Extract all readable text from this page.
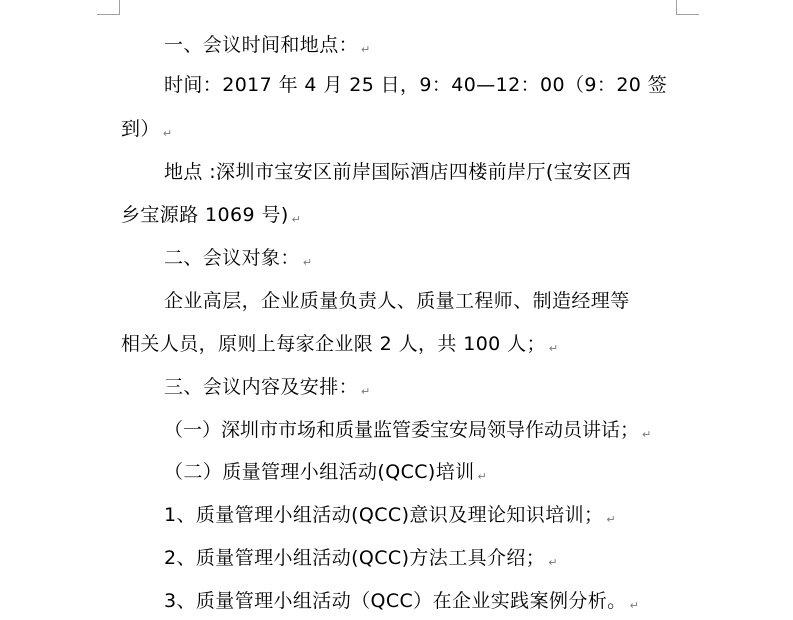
一、会议时间和地点： ↵
时间：2017 年 4 月 25 日，9：40—12：00（9：20 签
到） ↵
地点 :深圳市宝安区前岸国际酒店四楼前岸厅(宝安区西
乡宝源路 1069 号) ↵
二、会议对象： ↵
企业高层，企业质量负责人、质量工程师、制造经理等
相关人员，原则上每家企业限 2 人，共 100 人； ↵
三、会议内容及安排： ↵
（一）深圳市市场和质量监管委宝安局领导作动员讲话； ↵
（二）质量管理小组活动(QCC)培训 ↵
1、质量管理小组活动(QCC)意识及理论知识培训； ↵
2、质量管理小组活动(QCC)方法工具介绍； ↵
3、质量管理小组活动（QCC）在企业实践案例分析。 ↵
